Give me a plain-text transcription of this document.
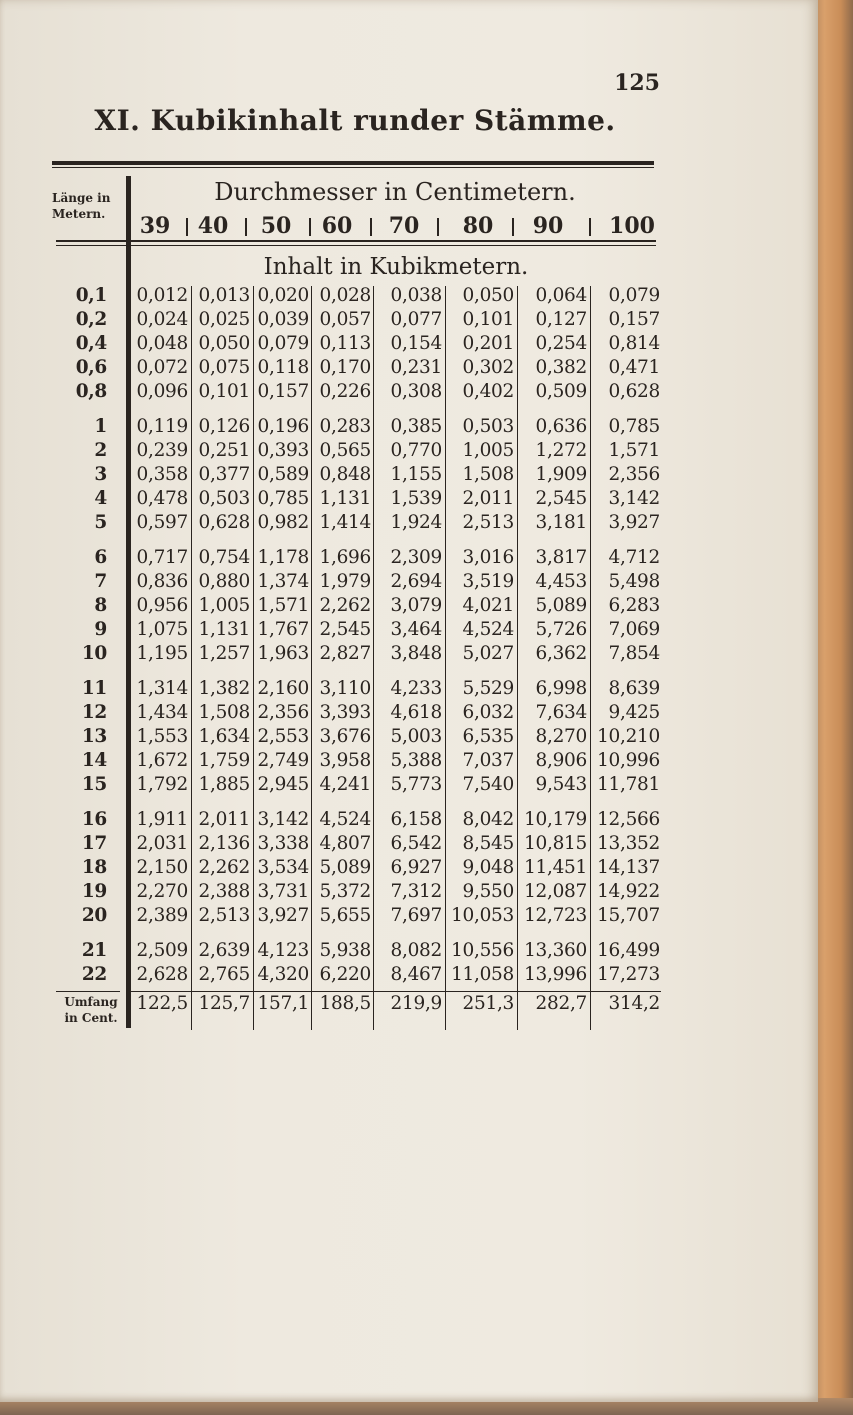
125
XI. Kubikinhalt runder Stämme.
Länge in
Metern.
Durchmesser in Centimetern.
39	40	50	60	70	80	90	100
Inhalt in Kubikmetern.
0,1	0,012 0,013 0,020 0,028	0,038	0,050	0,064	0,079
0,2	0,024 0,025 0,039 0,057	0,077	0,101	0,127	0,157
0,4	0,048 0,050 0,079 0,113	0,154	0,201	0,254	0,814
0,6	0,072 0,075 0,118 0,170	0,231	0,302	0,382	0,471
0,8	0,096 0,101 0,157 0,226	0,308	0,402	0,509	0,628
1	0,119 0,126 0,196 0,283	0,385	0,503	0,636	0,785
2	0,239 0,251 0,393 0,565	0,770	1,005	1,272	1,571
3	0,358 0,377 0,589 0,848	1,155	1,508	1,909	2,356
4	0,478 0,503 0,785 1,131	1,539	2,011	2,545	3,142
5	0,597 0,628 0,982 1,414	1,924	2,513	3,181	3,927
6	0,717 0,754 1,178 1,696	2,309	3,016	3,817	4,712
7	0,836 0,880 1,374 1,979	2,694	3,519	4,453	5,498
8	0,956 1,005 1,571 2,262	3,079	4,021	5,089	6,283
9	1,075 1,131 1,767 2,545	3,464	4,524	5,726	7,069
10	1,195 1,257 1,963 2,827	3,848	5,027	6,362	7,854
11	1,314 1,382 2,160 3,110	4,233	5,529	6,998	8,639
12	1,434 1,508 2,356 3,393	4,618	6,032	7,634	9,425
13	1,553 1,634 2,553 3,676	5,003	6,535	8,270 10,210
14	1,672 1,759 2,749 3,958	5,388	7,037	8,906 10,996
15	1,792 1,885 2,945 4,241	5,773	7,540	9,543 11,781
16	1,911 2,011 3,142 4,524	6,158	8,042 10,179 12,566
17	2,031 2,136 3,338 4,807	6,542	8,545 10,815 13,352
18	2,150 2,262 3,534 5,089	6,927	9,048 11,451 14,137
19	2,270 2,388 3,731 5,372	7,312	9,550 12,087 14,922
20	2,389 2,513 3,927 5,655	7,697 10,053 12,723 15,707
21	2,509 2,639 4,123 5,938	8,082 10,556 13,360 16,499
22	2,628 2,765 4,320 6,220	8,467 11,058 13,996 17,273
122,5 125,7 157,1 188,5	219,9	251,3	282,7	314,2
Umfang
in Cent.
